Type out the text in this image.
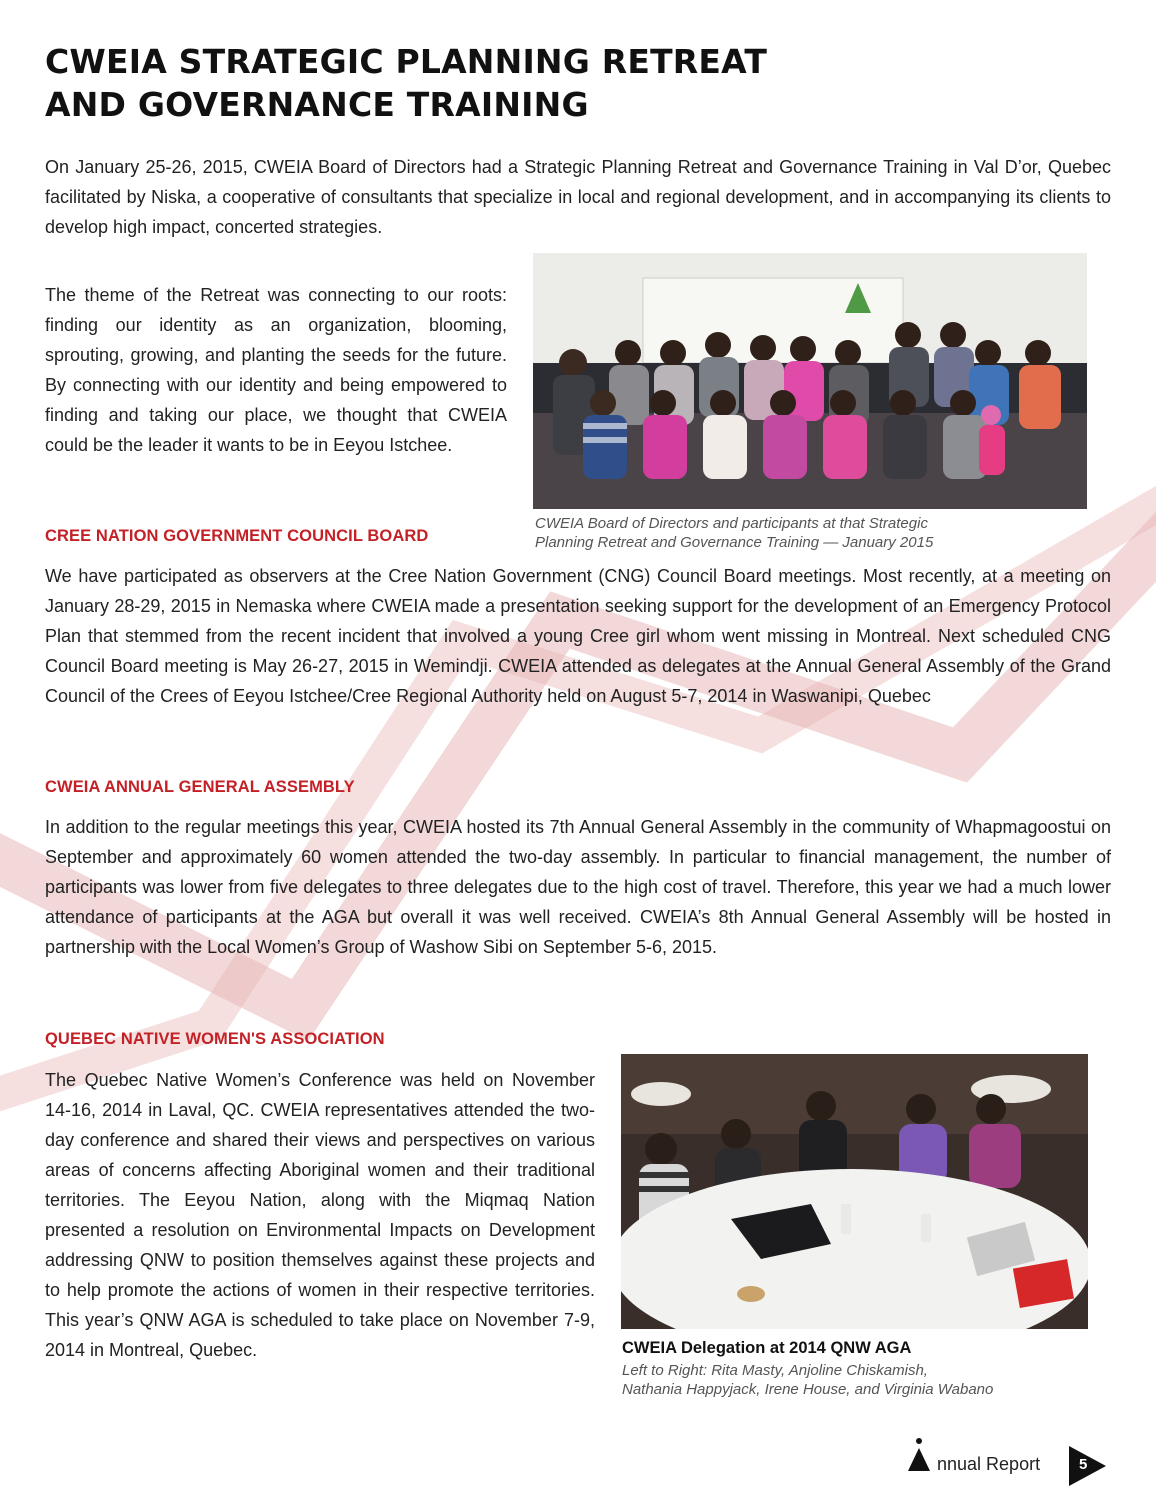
CWEIA STRATEGIC PLANNING RETREAT
AND GOVERNANCE TRAINING

On January 25-26, 2015, CWEIA Board of Directors had a Strategic Planning Retreat and Governance Training in Val D’or, Quebec facilitated by Niska, a cooperative of consultants that specialize in local and regional development, and in accompanying its clients to develop high impact, concerted strategies.

The theme of the Retreat was connecting to our roots: finding our identity as an organization, blooming, sprouting, growing, and planting the seeds for the future. By connecting with our identity and being empowered to finding and taking our place, we thought that CWEIA could be the leader it wants to be in Eeyou Istchee.

CWEIA Board of Directors and participants at that Strategic
Planning Retreat and Governance Training — January 2015

CREE NATION GOVERNMENT COUNCIL BOARD

We have participated as observers at the Cree Nation Government (CNG) Council Board meetings. Most recently, at a meeting on January 28-29, 2015 in Nemaska where CWEIA made a presentation seeking support for the development of an Emergency Protocol Plan that stemmed from the recent incident that involved a young Cree girl whom went missing in Montreal. Next scheduled CNG Council Board meeting is May 26-27, 2015 in Wemindji. CWEIA attended as delegates at the Annual General Assembly of the Grand Council of the Crees of Eeyou Istchee/Cree Regional Authority held on August 5-7, 2014 in Waswanipi, Quebec

CWEIA ANNUAL GENERAL ASSEMBLY

In addition to the regular meetings this year, CWEIA hosted its 7th Annual General Assembly in the community of Whapmagoostui on September and approximately 60 women attended the two-day assembly. In particular to financial management, the number of participants was lower from five delegates to three delegates due to the high cost of travel. Therefore, this year we had a much lower attendance of participants at the AGA but overall it was well received. CWEIA’s 8th Annual General Assembly will be hosted in partnership with the Local Women’s Group of Washow Sibi on September 5-6, 2015.

QUEBEC NATIVE WOMEN'S ASSOCIATION

The Quebec Native Women’s Conference was held on November 14-16, 2014 in Laval, QC. CWEIA representatives attended the two-day conference and shared their views and perspectives on various areas of concerns affecting Aboriginal women and their traditional territories. The Eeyou Nation, along with the Miqmaq Nation presented a resolution on Environmental Impacts on Development addressing QNW to position themselves against these projects and to help promote the actions of women in their respective territories. This year’s QNW AGA is scheduled to take place on November 7-9, 2014 in Montreal, Quebec.	CWEIA Delegation at 2014 QNW AGA

Left to Right: Rita Masty, Anjoline Chiskamish,
Nathania Happyjack, Irene House, and Virginia Wabano

nnual Report	5
